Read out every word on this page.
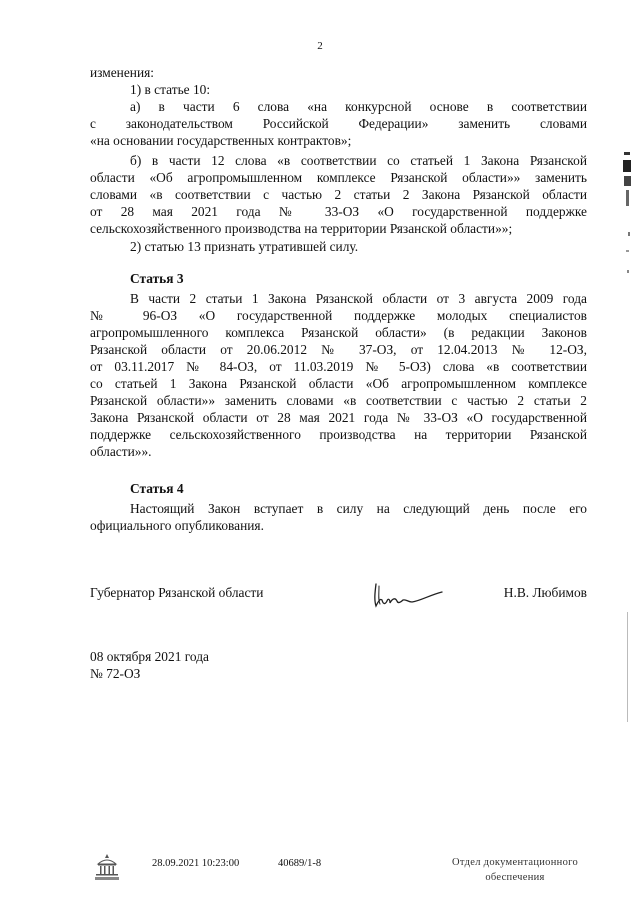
2
изменения:
1) в статье 10:
а) в части 6 слова «на конкурсной основе в соответствии
с законодательством Российской Федерации» заменить словами
«на основании государственных контрактов»;
б) в части 12 слова «в соответствии со статьей 1 Закона Рязанской
области «Об агропромышленном комплексе Рязанской области»» заменить
словами «в соответствии с частью 2 статьи 2 Закона Рязанской области
от 28 мая 2021 года № 33-ОЗ «О государственной поддержке
сельскохозяйственного производства на территории Рязанской области»»;
2) статью 13 признать утратившей силу.
Статья 3
В части 2 статьи 1 Закона Рязанской области от 3 августа 2009 года
№ 96-ОЗ «О государственной поддержке молодых специалистов
агропромышленного комплекса Рязанской области» (в редакции Законов
Рязанской области от 20.06.2012 № 37-ОЗ, от 12.04.2013 № 12-ОЗ,
от 03.11.2017 № 84-ОЗ, от 11.03.2019 № 5-ОЗ) слова «в соответствии
со статьей 1 Закона Рязанской области «Об агропромышленном комплексе
Рязанской области»» заменить словами «в соответствии с частью 2 статьи 2
Закона Рязанской области от 28 мая 2021 года № 33-ОЗ «О государственной
поддержке сельскохозяйственного производства на территории Рязанской
области»».
Статья 4
Настоящий Закон вступает в силу на следующий день после его
официального опубликования.
Губернатор Рязанской области	Н.В. Любимов
08 октября 2021 года
№ 72-ОЗ
28.09.2021 10:23:00	40689/1-8	Отдел документационного
обеспечения
